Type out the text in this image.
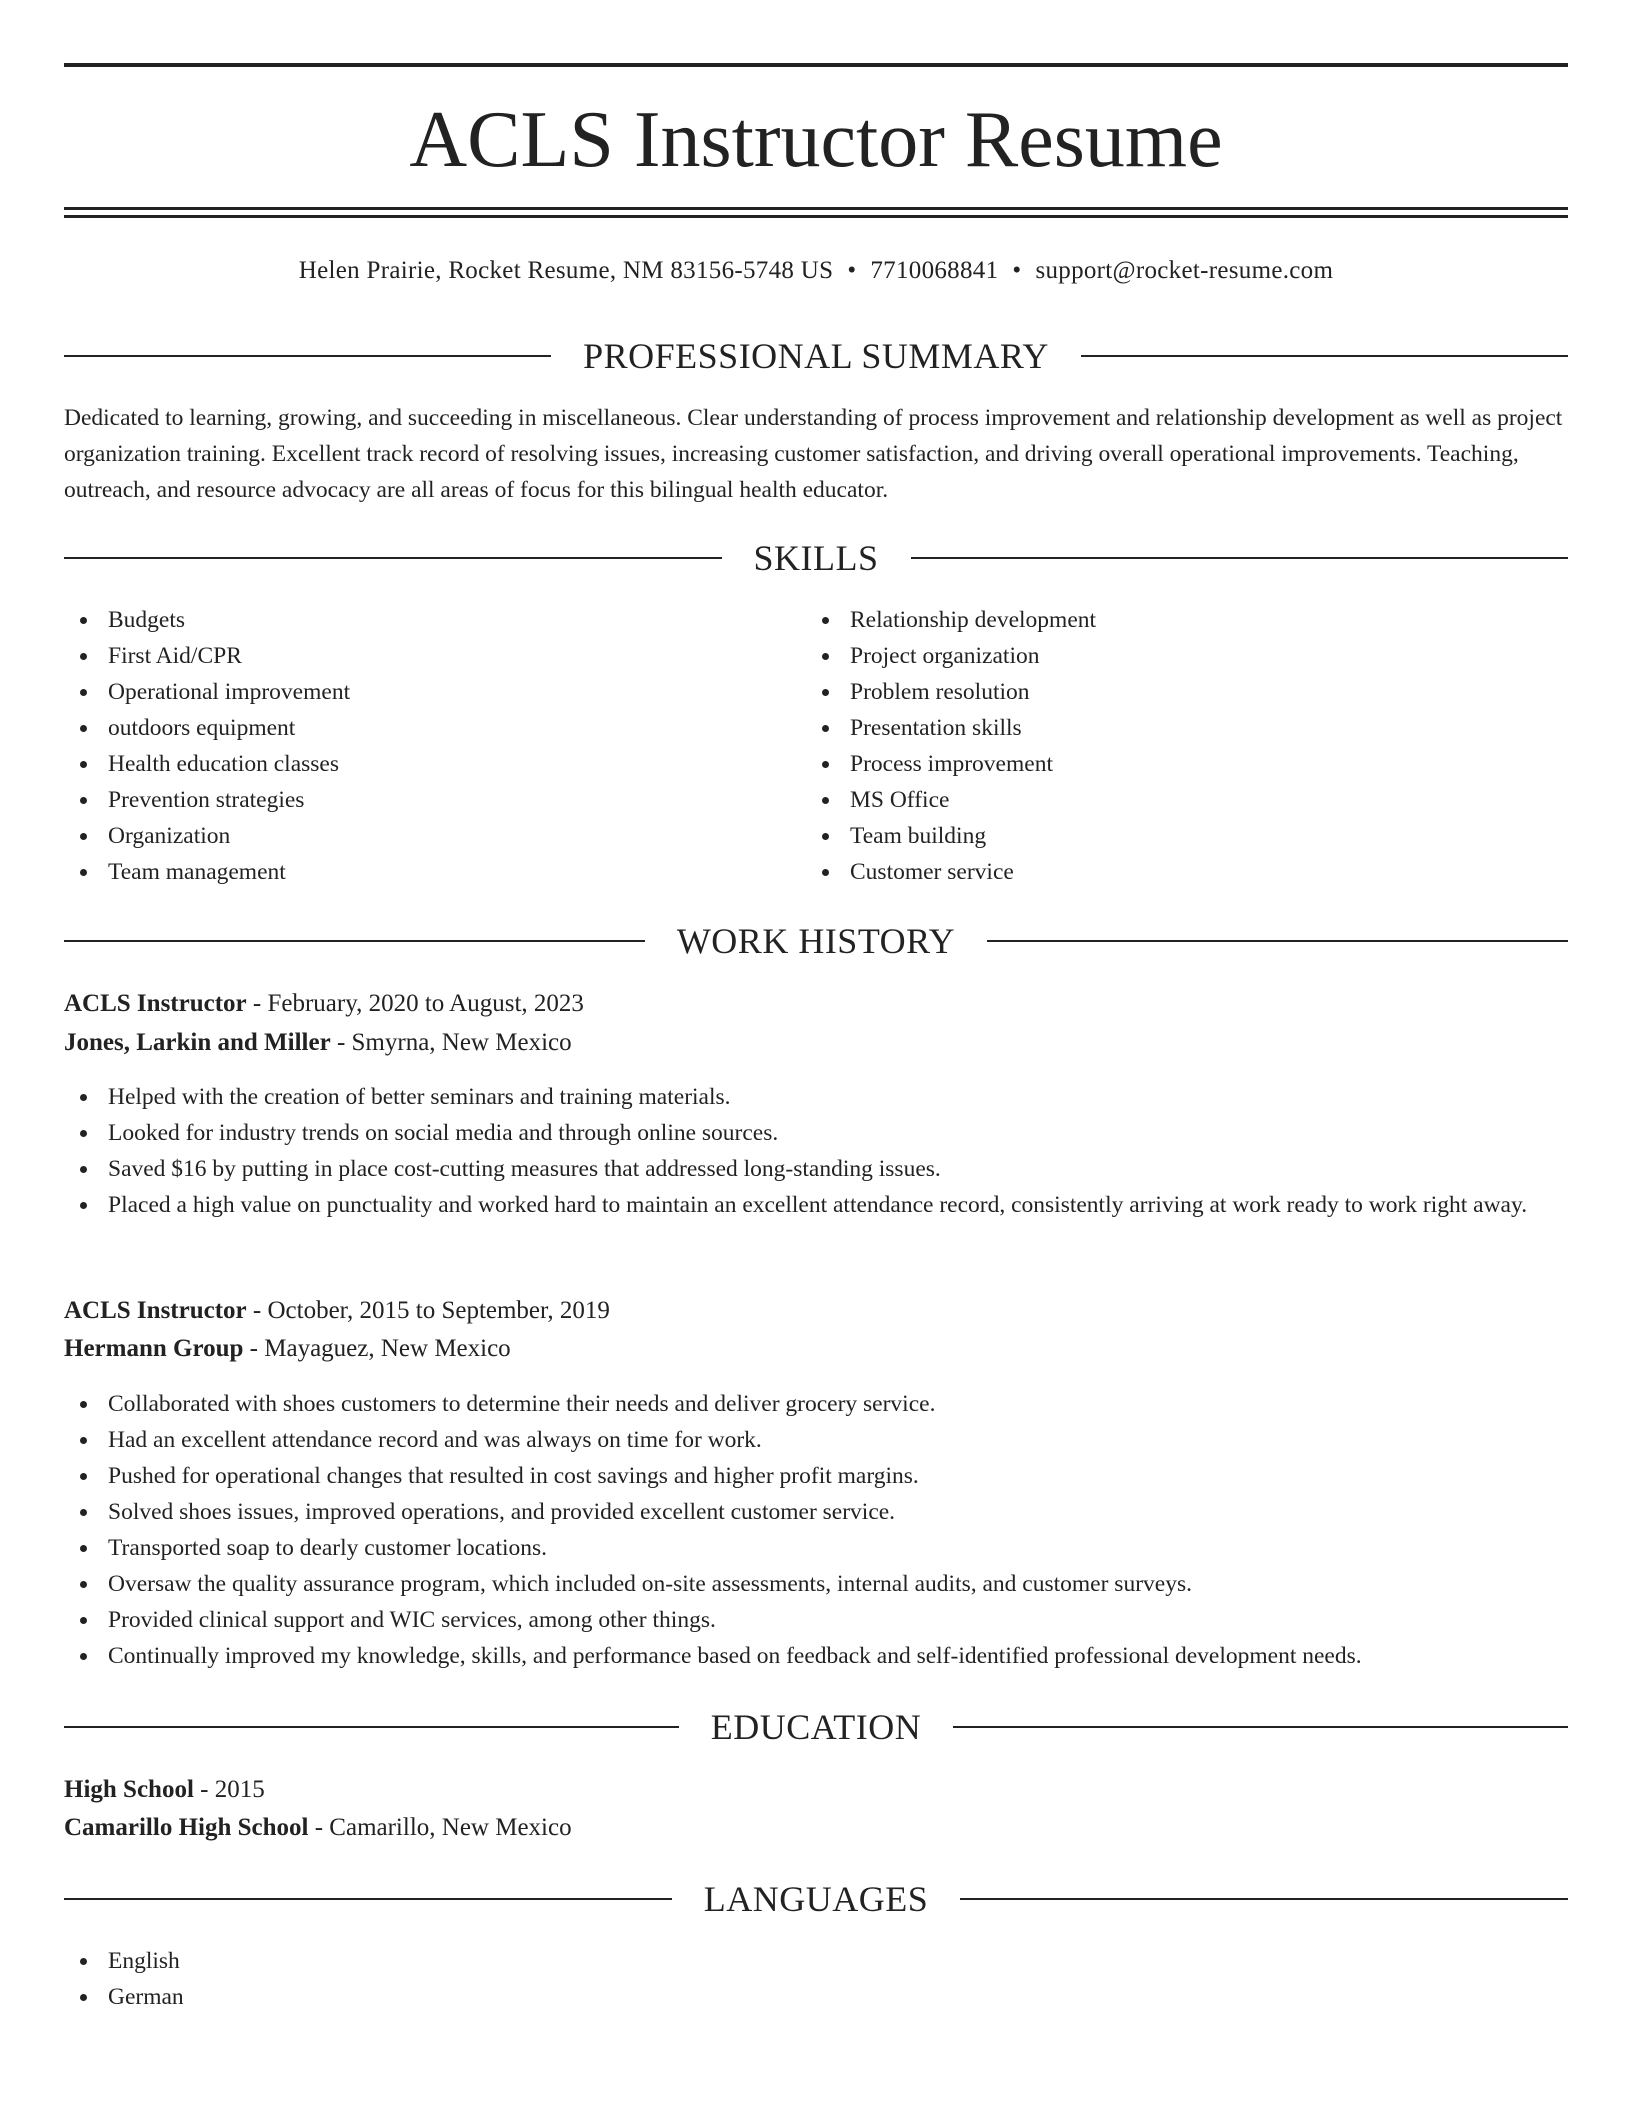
ACLS Instructor Resume
Helen Prairie, Rocket Resume, NM 83156-5748 US • 7710068841 • support@rocket-resume.com
PROFESSIONAL SUMMARY

Dedicated to learning, growing, and succeeding in miscellaneous. Clear understanding of process improvement and relationship development as well as project organization training. Excellent track record of resolving issues, increasing customer satisfaction, and driving overall operational improvements. Teaching, outreach, and resource advocacy are all areas of focus for this bilingual health educator.

SKILLS
Budgets
First Aid/CPR
Operational improvement
outdoors equipment
Health education classes
Prevention strategies
Organization
Team management
Relationship development
Project organization
Problem resolution
Presentation skills
Process improvement
MS Office
Team building
Customer service
WORK HISTORY
ACLS Instructor - February, 2020 to August, 2023
Jones, Larkin and Miller - Smyrna, New Mexico
Helped with the creation of better seminars and training materials.
Looked for industry trends on social media and through online sources.
Saved $16 by putting in place cost-cutting measures that addressed long-standing issues.
Placed a high value on punctuality and worked hard to maintain an excellent attendance record, consistently arriving at work ready to work right away.
ACLS Instructor - October, 2015 to September, 2019
Hermann Group - Mayaguez, New Mexico
Collaborated with shoes customers to determine their needs and deliver grocery service.
Had an excellent attendance record and was always on time for work.
Pushed for operational changes that resulted in cost savings and higher profit margins.
Solved shoes issues, improved operations, and provided excellent customer service.
Transported soap to dearly customer locations.
Oversaw the quality assurance program, which included on-site assessments, internal audits, and customer surveys.
Provided clinical support and WIC services, among other things.
Continually improved my knowledge, skills, and performance based on feedback and self-identified professional development needs.
EDUCATION
High School - 2015
Camarillo High School - Camarillo, New Mexico
LANGUAGES
English
German
